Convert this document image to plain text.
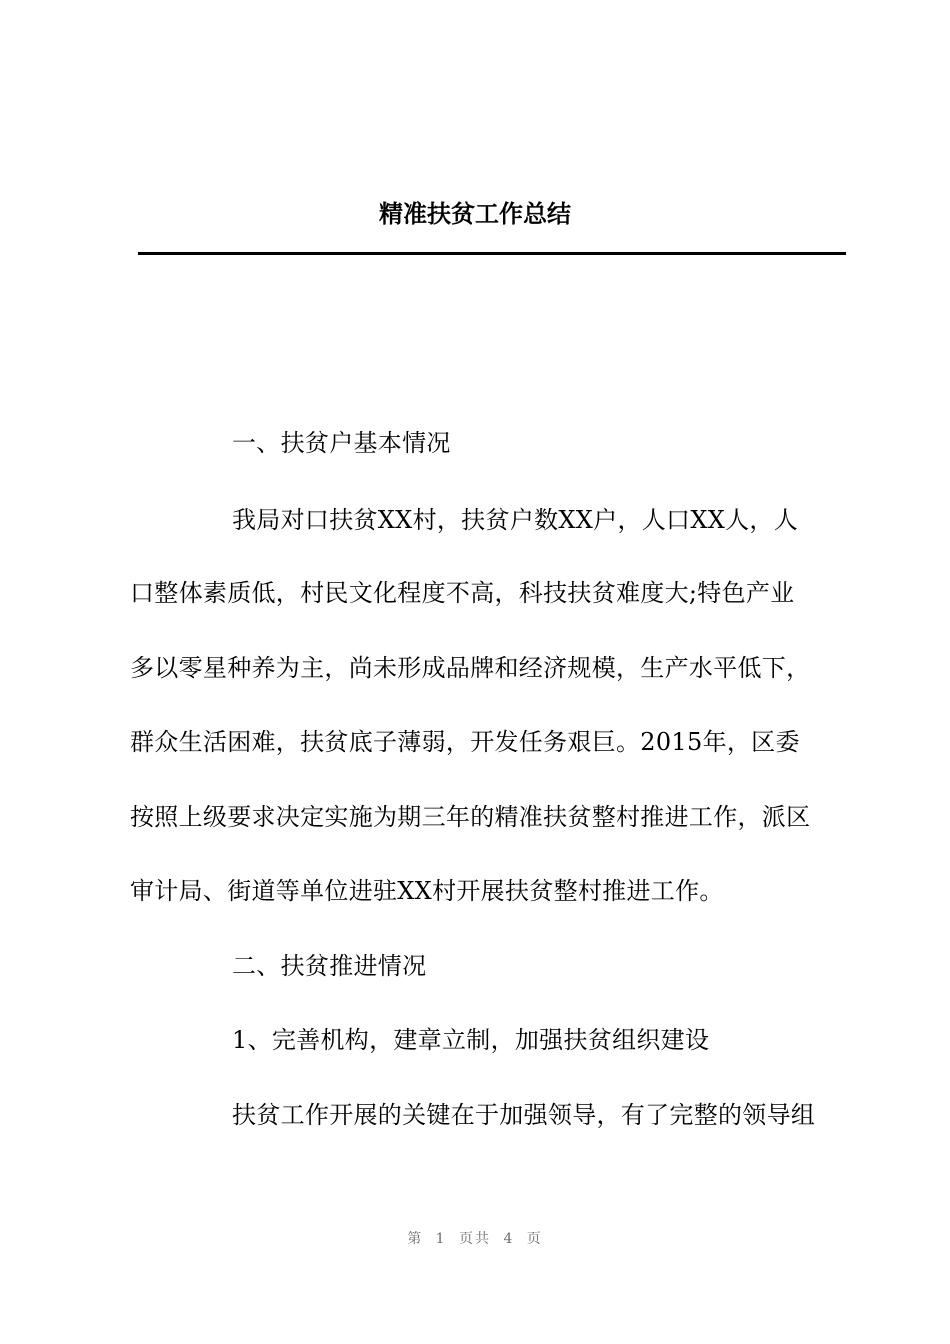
精准扶贫工作总结
一、扶贫户基本情况
我局对口扶贫XX村，扶贫户数XX户，人口XX人，人
口整体素质低，村民文化程度不高，科技扶贫难度大;特色产业
多以零星种养为主，尚未形成品牌和经济规模，生产水平低下，
群众生活困难，扶贫底子薄弱，开发任务艰巨。2015年，区委
按照上级要求决定实施为期三年的精准扶贫整村推进工作，派区
审计局、街道等单位进驻XX村开展扶贫整村推进工作。
二、扶贫推进情况
1、完善机构，建章立制，加强扶贫组织建设
扶贫工作开展的关键在于加强领导，有了完整的领导组
第 1 页共 4 页
